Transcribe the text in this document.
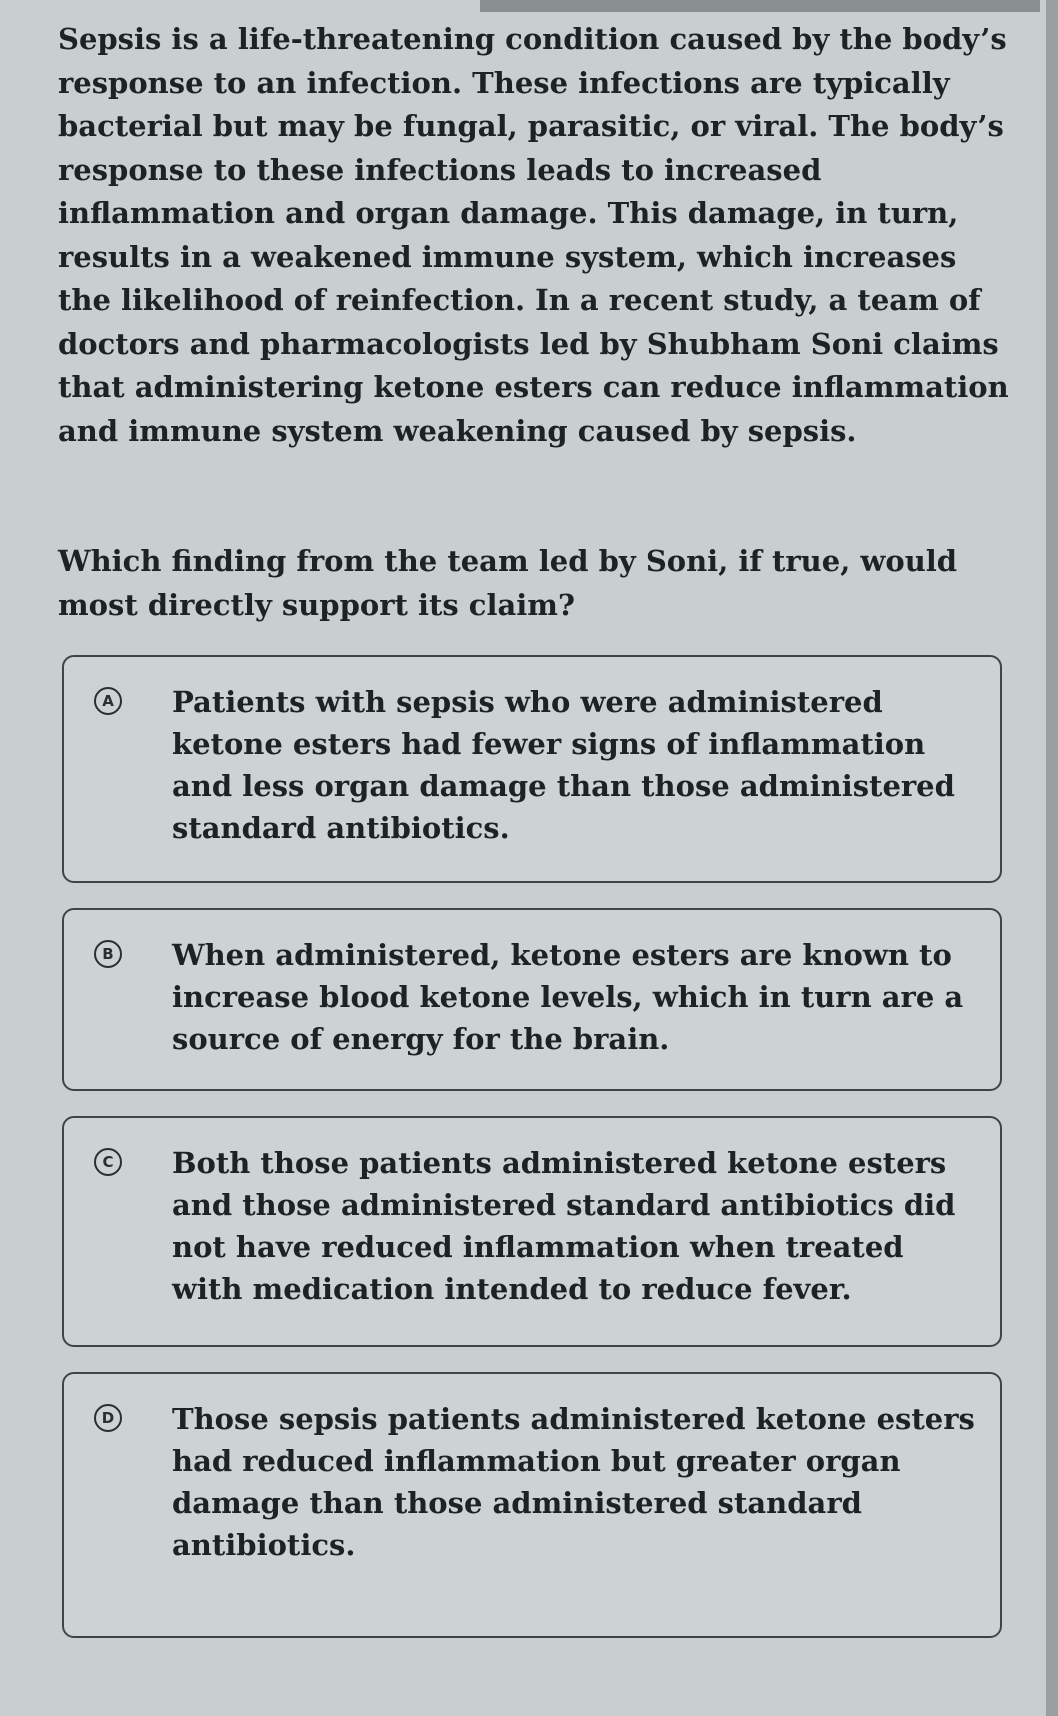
Sepsis is a life-threatening condition caused by the body’s response to an infection. These infections are typically bacterial but may be fungal, parasitic, or viral. The body’s response to these infections leads to increased inflammation and organ damage. This damage, in turn, results in a weakened immune system, which increases the likelihood of reinfection. In a recent study, a team of doctors and pharmacologists led by Shubham Soni claims that administering ketone esters can reduce inflammation and immune system weakening caused by sepsis.

Which finding from the team led by Soni, if true, would most directly support its claim?

A Patients with sepsis who were administered ketone esters had fewer signs of inflammation and less organ damage than those administered standard antibiotics.

B When administered, ketone esters are known to increase blood ketone levels, which in turn are a source of energy for the brain.

C Both those patients administered ketone esters and those administered standard antibiotics did not have reduced inflammation when treated with medication intended to reduce fever.

D Those sepsis patients administered ketone esters had reduced inflammation but greater organ damage than those administered standard antibiotics.
